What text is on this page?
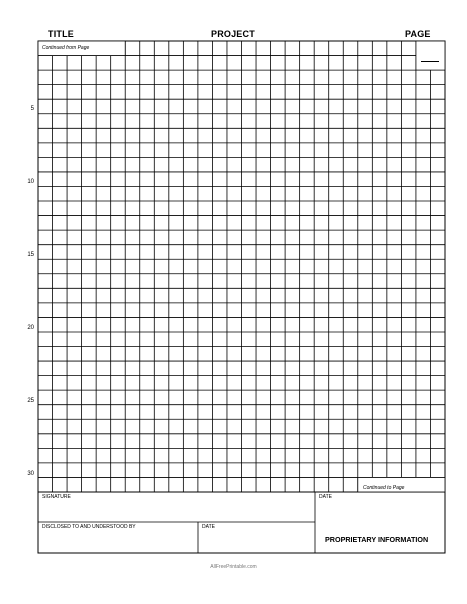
TITLE	PROJECT	PAGE
Continued from Page
Continued to Page
5
10
15
20
25
30
SIGNATURE	DATE
DISCLOSED TO AND UNDERSTOOD BY	DATE
PROPRIETARY INFORMATION
AllFreePrintable.com
